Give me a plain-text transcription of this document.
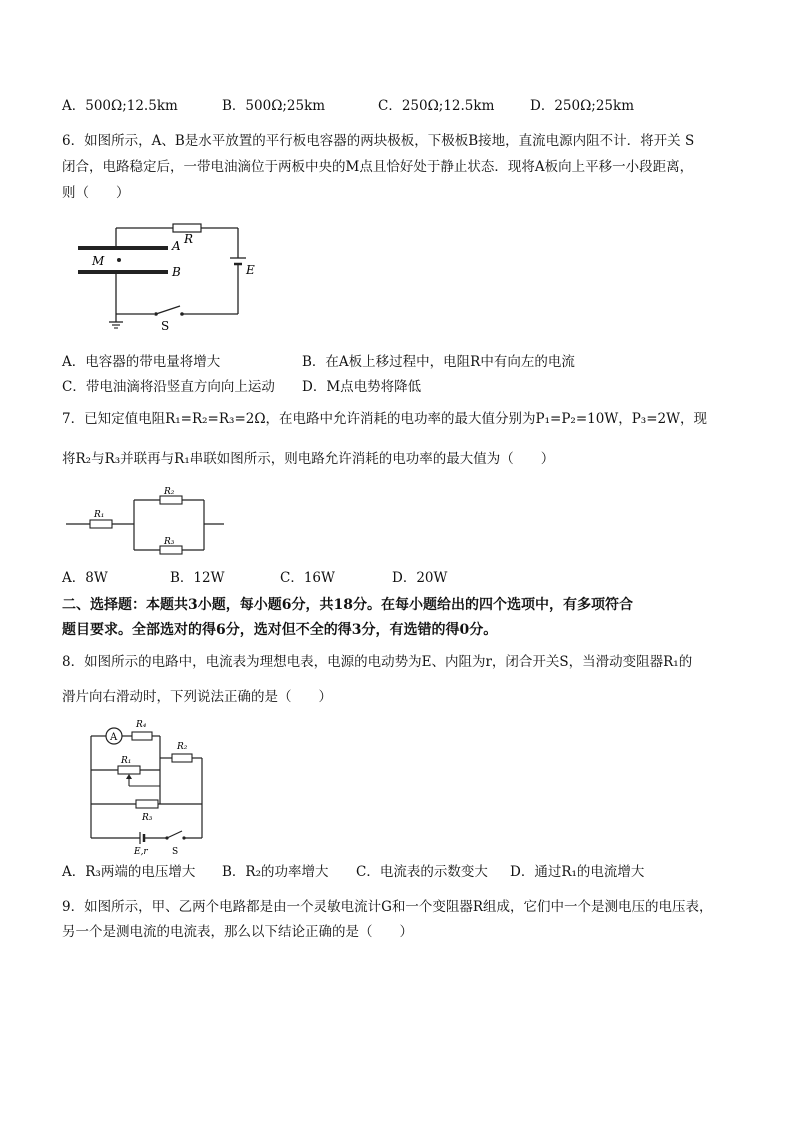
A．500Ω;12.5km	B．500Ω;25km	C．250Ω;12.5km	D．250Ω;25km
6．如图所示，A、B是水平放置的平行板电容器的两块极板，下极板B接地，直流电源内阻不计．将开关 S
闭合，电路稳定后，一带电油滴位于两板中央的M点且恰好处于静止状态．现将A板向上平移一小段距离，
则（　　）
M
A
B
R
E
S
A．电容器的带电量将增大	B．在A板上移过程中，电阻R中有向左的电流
C．带电油滴将沿竖直方向向上运动 D．M点电势将降低
7．已知定值电阻R₁=R₂=R₃=2Ω，在电路中允许消耗的电功率的最大值分别为P₁=P₂=10W，P₃=2W，现
将R₂与R₃并联再与R₁串联如图所示，则电路允许消耗的电功率的最大值为（　　）
R₁
R₂
R₃
A．8W	B．12W	C．16W	D．20W
二、选择题：本题共3小题，每小题6分，共18分。在每小题给出的四个选项中，有多项符合
题目要求。全部选对的得6分，选对但不全的得3分，有选错的得0分。
8．如图所示的电路中，电流表为理想电表，电源的电动势为E、内阻为r，闭合开关S，当滑动变阻器R₁的
滑片向右滑动时，下列说法正确的是（　　）
A
R₄
R₂
R₁
R₃
E,r	S
A．R₃两端的电压增大 B．R₂的功率增大 C．电流表的示数变大 D．通过R₁的电流增大
9．如图所示，甲、乙两个电路都是由一个灵敏电流计G和一个变阻器R组成，它们中一个是测电压的电压表，
另一个是测电流的电流表，那么以下结论正确的是（　　）
